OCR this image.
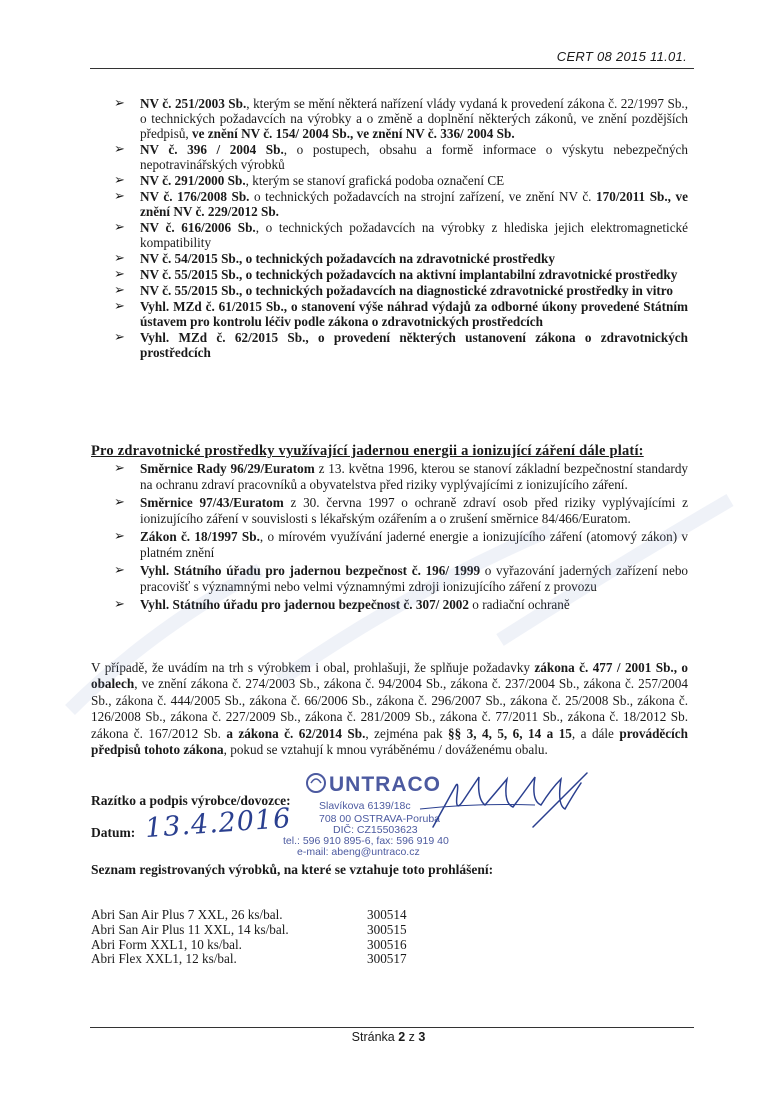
CERT 08 2015 11.01.
➢ NV č. 251/2003 Sb., kterým se mění některá nařízení vlády vydaná k provedení zákona č. 22/1997 Sb., o technických požadavcích na výrobky a o změně a doplnění některých zákonů, ve znění pozdějších předpisů, ve znění NV č. 154/ 2004 Sb., ve znění NV č. 336/ 2004 Sb.
➢ NV č. 396 / 2004 Sb., o postupech, obsahu a formě informace o výskytu nebezpečných nepotravinářských výrobků
➢ NV č. 291/2000 Sb., kterým se stanoví grafická podoba označení CE
➢ NV č. 176/2008 Sb. o technických požadavcích na strojní zařízení, ve znění NV č. 170/2011 Sb., ve znění NV č. 229/2012 Sb.
➢ NV č. 616/2006 Sb., o technických požadavcích na výrobky z hlediska jejich elektromagnetické kompatibility
➢ NV č. 54/2015 Sb., o technických požadavcích na zdravotnické prostředky
➢ NV č. 55/2015 Sb., o technických požadavcích na aktivní implantabilní zdravotnické prostředky
➢ NV č. 55/2015 Sb., o technických požadavcích na diagnostické zdravotnické prostředky in vitro
➢ Vyhl. MZd č. 61/2015 Sb., o stanovení výše náhrad výdajů za odborné úkony provedené Státním ústavem pro kontrolu léčiv podle zákona o zdravotnických prostředcích
➢ Vyhl. MZd č. 62/2015 Sb., o provedení některých ustanovení zákona o zdravotnických prostředcích
Pro zdravotnické prostředky využívající jadernou energii a ionizující záření dále platí:
➢ Směrnice Rady 96/29/Euratom z 13. května 1996, kterou se stanoví základní bezpečnostní standardy na ochranu zdraví pracovníků a obyvatelstva před riziky vyplývajícími z ionizujícího záření.
➢ Směrnice 97/43/Euratom z 30. června 1997 o ochraně zdraví osob před riziky vyplývajícími z ionizujícího záření v souvislosti s lékařským ozářením a o zrušení směrnice 84/466/Euratom.
➢ Zákon č. 18/1997 Sb., o mírovém využívání jaderné energie a ionizujícího záření (atomový zákon) v platném znění
➢ Vyhl. Státního úřadu pro jadernou bezpečnost č. 196/ 1999 o vyřazování jaderných zařízení nebo pracovišť s významnými nebo velmi významnými zdroji ionizujícího záření z provozu
➢ Vyhl. Státního úřadu pro jadernou bezpečnost č. 307/ 2002 o radiační ochraně
V případě, že uvádím na trh s výrobkem i obal, prohlašuji, že splňuje požadavky zákona č. 477 / 2001 Sb., o obalech, ve znění zákona č. 274/2003 Sb., zákona č. 94/2004 Sb., zákona č. 237/2004 Sb., zákona č. 257/2004 Sb., zákona č. 444/2005 Sb., zákona č. 66/2006 Sb., zákona č. 296/2007 Sb., zákona č. 25/2008 Sb., zákona č. 126/2008 Sb., zákona č. 227/2009 Sb., zákona č. 281/2009 Sb., zákona č. 77/2011 Sb., zákona č. 18/2012 Sb. zákona č. 167/2012 Sb. a zákona č. 62/2014 Sb., zejména pak §§ 3, 4, 5, 6, 14 a 15, a dále prováděcích předpisů tohoto zákona, pokud se vztahují k mnou vyráběnému / dováženému obalu.
Razítko a podpis výrobce/dovozce:
Datum: 13.4.2016
UNTRACO
Slavíkova 6139/18c
708 00 OSTRAVA-Poruba
DIČ: CZ15503623
tel.: 596 910 895-6, fax: 596 919 40
e-mail: abeng@untraco.cz
Seznam registrovaných výrobků, na které se vztahuje toto prohlášení:
Abri San Air Plus 7 XXL, 26 ks/bal.	300514
Abri San Air Plus 11 XXL, 14 ks/bal.	300515
Abri Form XXL1, 10 ks/bal.	300516
Abri Flex XXL1, 12 ks/bal.	300517
Stránka 2 z 3
